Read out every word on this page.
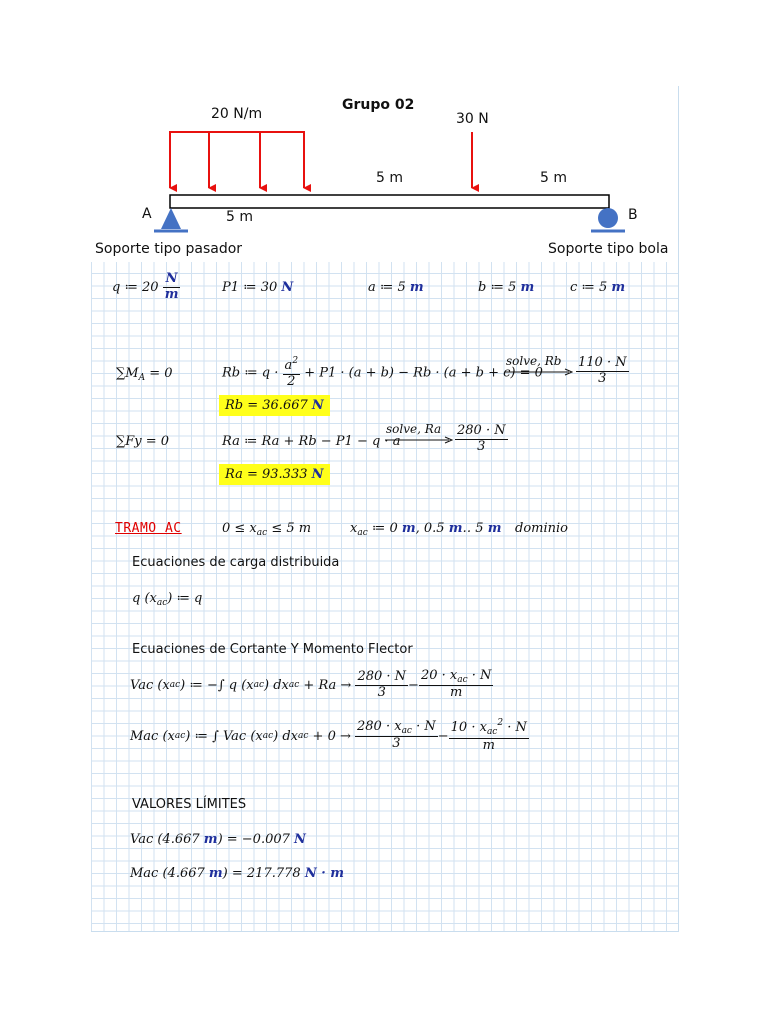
Grupo 02
20 N/m	30 N
5 m	5 m
5 m
A	B
Soporte tipo pasador	Soporte tipo bola
q ≔ $20 \frac{N}{m}$	P1 ≔ 30 N	a ≔ 5 m	b ≔ 5 m	c ≔ 5 m
$\sum M_A = 0$	Rb ≔ $q \cdot \frac{a^2}{2} + P1 \cdot (a + b) - Rb \cdot (a + b + c) = 0$
solve, Rb $\frac{110 \cdot N}{3}$
Rb = 36.667 N
∑Fy = 0	Ra ≔ Ra + Rb − P1 − q · a
solve, Ra $\frac{280 \cdot N}{3}$
Ra = 93.333 N
TRAMO AC	$0 \le x_{ac} \le 5$ m	$x_{ac}$ ≔ 0 m, 0.5 m‥ 5 m dominio
Ecuaciones de carga distribuida
q $(x_{ac})$ ≔ q
Ecuaciones de Cortante Y Momento Flector
Vac (x ac ) ≔ −∫ q (x ac ) dx ac
+ Ra →
$\frac{280 \cdot N}{3} - \frac{20 \cdot x_{ac} \cdot N}{m}$
Mac (x ac ) ≔ ∫ Vac (x ac ) dx ac
+ 0 →
$\frac{280 \cdot x_{ac} \cdot N}{3} - \frac{10 \cdot x_{ac}^2 \cdot N}{m}$
VALORES LÍMITES
Vac (4.667 m) = −0.007 N
Mac (4.667 m) = 217.778 N · m
